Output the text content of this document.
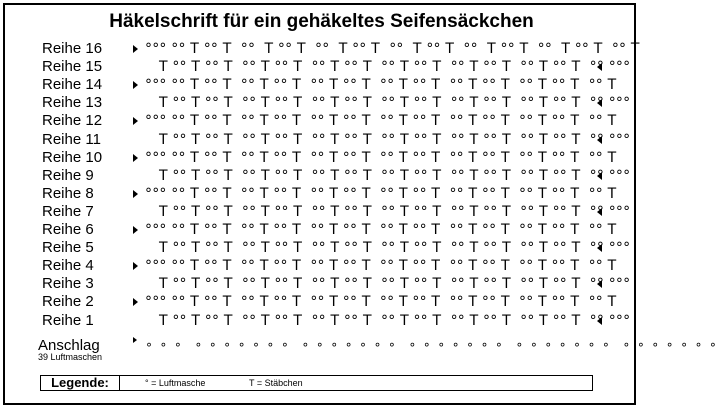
Häkelschrift für ein gehäkeltes Seifensäckchen
Reihe 16	°°° °° T °° T  °°  T °° T  °°  T °° T  °°  T °° T  °°  T °° T  °°  T °° T  °° T
Reihe 15	T °° T °° T  °° T °° T  °° T °° T  °° T °° T  °° T °° T  °° T °° T  °° °°°
Reihe 14	°°° °° T °° T  °° T °° T  °° T °° T  °° T °° T  °° T °° T  °° T °° T  °° T
Reihe 13	T °° T °° T  °° T °° T  °° T °° T  °° T °° T  °° T °° T  °° T °° T  °° °°°
Reihe 12	°°° °° T °° T  °° T °° T  °° T °° T  °° T °° T  °° T °° T  °° T °° T  °° T
Reihe 11	T °° T °° T  °° T °° T  °° T °° T  °° T °° T  °° T °° T  °° T °° T  °° °°°
Reihe 10	°°° °° T °° T  °° T °° T  °° T °° T  °° T °° T  °° T °° T  °° T °° T  °° T
Reihe 9	T °° T °° T  °° T °° T  °° T °° T  °° T °° T  °° T °° T  °° T °° T  °° °°°
Reihe 8	°°° °° T °° T  °° T °° T  °° T °° T  °° T °° T  °° T °° T  °° T °° T  °° T
Reihe 7	T °° T °° T  °° T °° T  °° T °° T  °° T °° T  °° T °° T  °° T °° T  °° °°°
Reihe 6	°°° °° T °° T  °° T °° T  °° T °° T  °° T °° T  °° T °° T  °° T °° T  °° T
Reihe 5	T °° T °° T  °° T °° T  °° T °° T  °° T °° T  °° T °° T  °° T °° T  °° °°°
Reihe 4	°°° °° T °° T  °° T °° T  °° T °° T  °° T °° T  °° T °° T  °° T °° T  °° T
Reihe 3	T °° T °° T  °° T °° T  °° T °° T  °° T °° T  °° T °° T  °° T °° T  °° °°°
Reihe 2	°°° °° T °° T  °° T °° T  °° T °° T  °° T °° T  °° T °° T  °° T °° T  °° T
Reihe 1	T °° T °° T  °° T °° T  °° T °° T  °° T °° T  °° T °° T  °° T °° T  °° °°°
Anschlag
39 Luftmaschen
° ° °  ° ° ° ° ° ° °  ° ° ° ° ° ° °  ° ° ° ° ° ° °  ° ° ° ° ° ° °  ° ° ° ° ° ° °
Legende:	° = Luftmasche	T = Stäbchen
